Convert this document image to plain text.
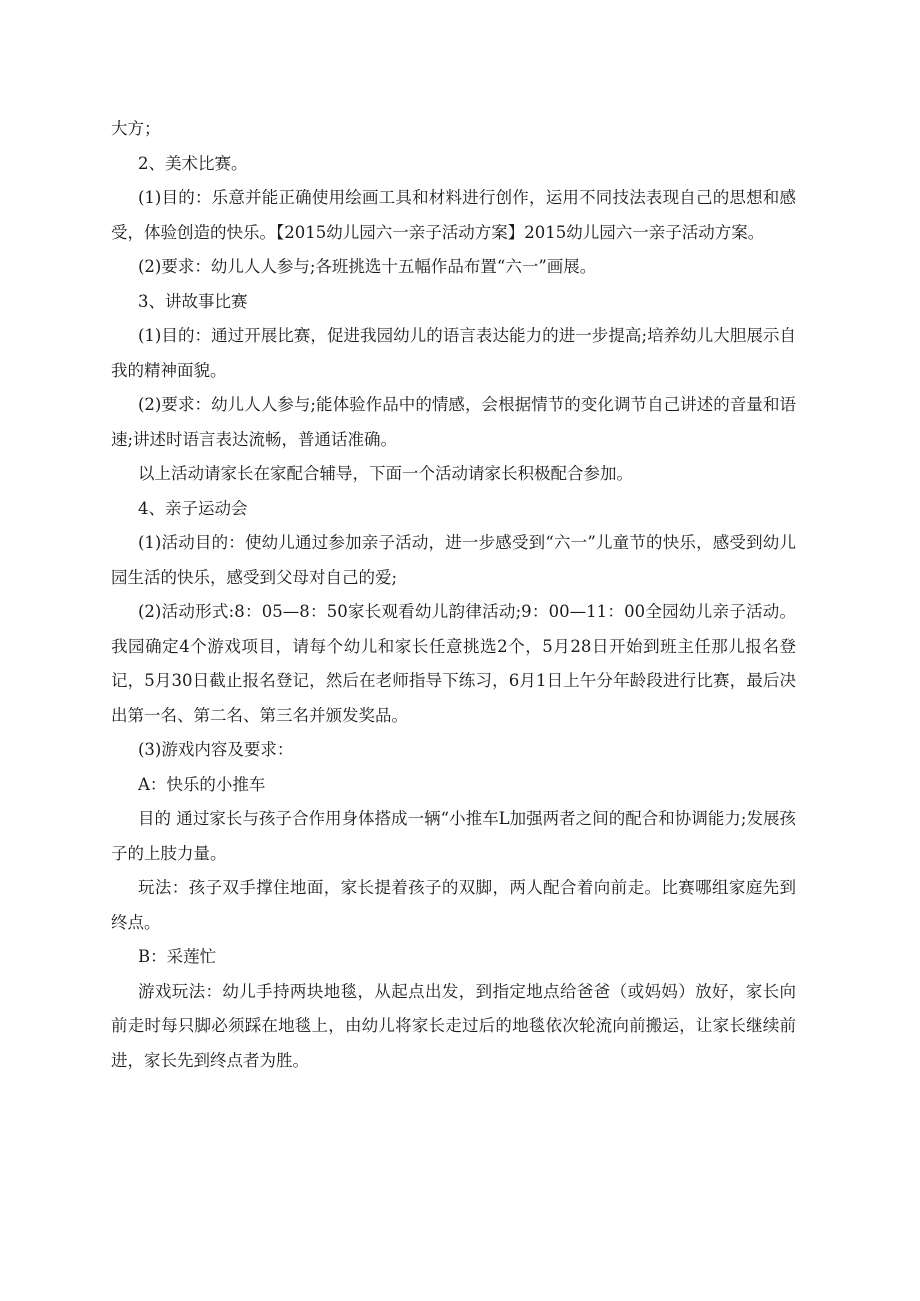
大方；

2、美术比赛。

(1)目的：乐意并能正确使用绘画工具和材料进行创作，运用不同技法表现自己的思想和感受，体验创造的快乐。【2015幼儿园六一亲子活动方案】2015幼儿园六一亲子活动方案。

(2)要求：幼儿人人参与;各班挑选十五幅作品布置“六一”画展。

3、讲故事比赛

(1)目的：通过开展比赛，促进我园幼儿的语言表达能力的进一步提高;培养幼儿大胆展示自我的精神面貌。

(2)要求：幼儿人人参与;能体验作品中的情感，会根据情节的变化调节自己讲述的音量和语速;讲述时语言表达流畅，普通话准确。

以上活动请家长在家配合辅导，下面一个活动请家长积极配合参加。

4、亲子运动会

(1)活动目的：使幼儿通过参加亲子活动，进一步感受到“六一”儿童节的快乐，感受到幼儿园生活的快乐，感受到父母对自己的爱;

(2)活动形式:8：05—8：50家长观看幼儿韵律活动;9：00—11：00全园幼儿亲子活动。我园确定4个游戏项目，请每个幼儿和家长任意挑选2个，5月28日开始到班主任那儿报名登记，5月30日截止报名登记，然后在老师指导下练习，6月1日上午分年龄段进行比赛，最后决出第一名、第二名、第三名并颁发奖品。

(3)游戏内容及要求：

A：快乐的小推车

目的 通过家长与孩子合作用身体搭成一辆“小推车L加强两者之间的配合和协调能力;发展孩子的上肢力量。

玩法：孩子双手撑住地面，家长提着孩子的双脚，两人配合着向前走。比赛哪组家庭先到终点。

B：采莲忙

游戏玩法：幼儿手持两块地毯，从起点出发，到指定地点给爸爸（或妈妈）放好，家长向前走时每只脚必须踩在地毯上，由幼儿将家长走过后的地毯依次轮流向前搬运，让家长继续前进，家长先到终点者为胜。
